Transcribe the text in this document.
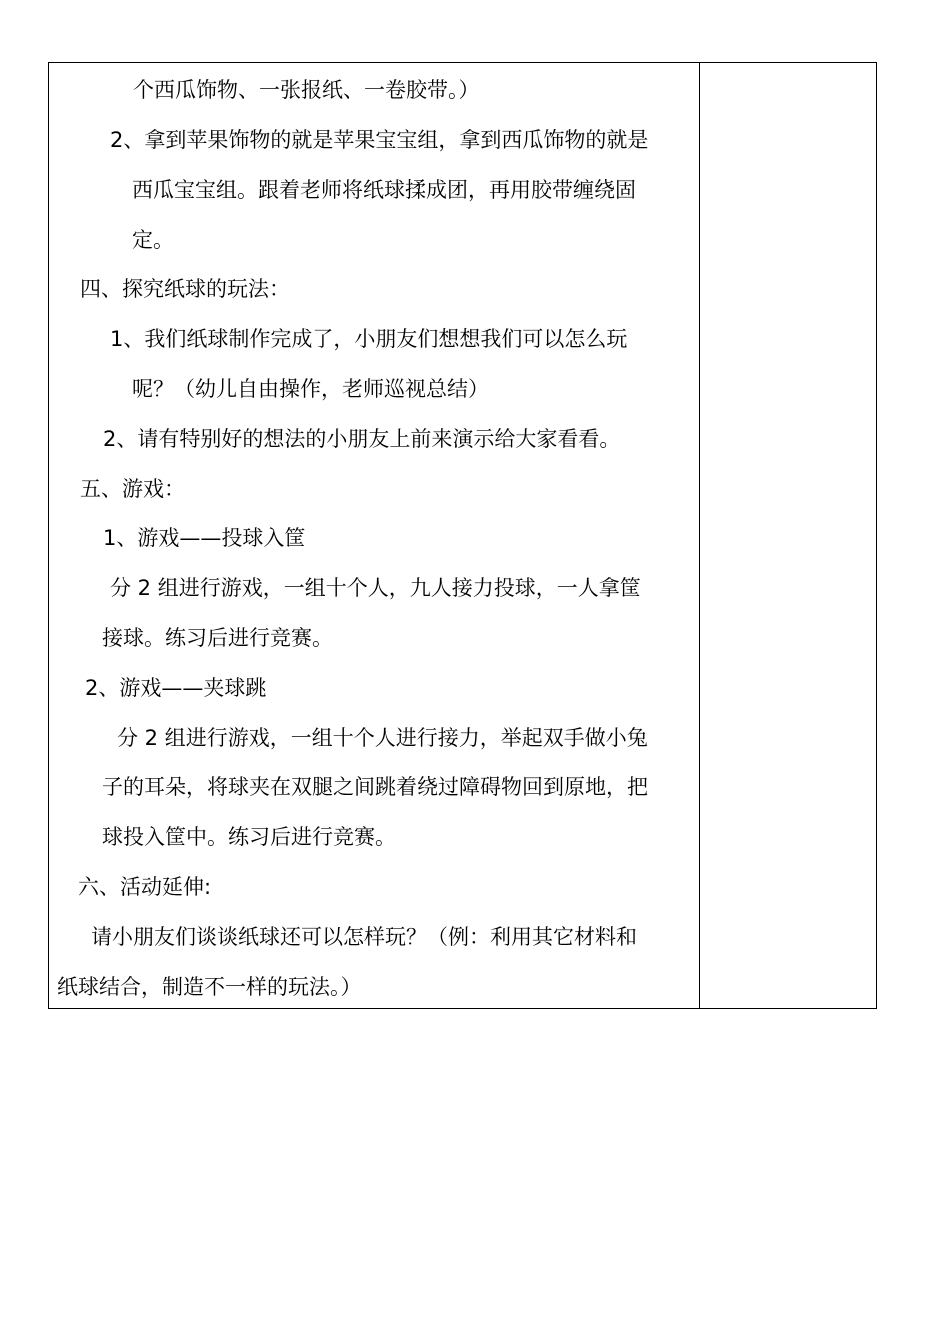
个西瓜饰物、一张报纸、一卷胶带。）
2、拿到苹果饰物的就是苹果宝宝组，拿到西瓜饰物的就是
西瓜宝宝组。跟着老师将纸球揉成团，再用胶带缠绕固
定。
四、探究纸球的玩法：
1、我们纸球制作完成了，小朋友们想想我们可以怎么玩
呢？（幼儿自由操作，老师巡视总结）
2、请有特别好的想法的小朋友上前来演示给大家看看。
五、游戏：
1、游戏——投球入筐
分 2 组进行游戏，一组十个人，九人接力投球，一人拿筐
接球。练习后进行竞赛。
2、游戏——夹球跳
分 2 组进行游戏，一组十个人进行接力，举起双手做小兔
子的耳朵，将球夹在双腿之间跳着绕过障碍物回到原地，把
球投入筐中。练习后进行竞赛。
六、活动延伸:
请小朋友们谈谈纸球还可以怎样玩？（例：利用其它材料和
纸球结合，制造不一样的玩法。）
